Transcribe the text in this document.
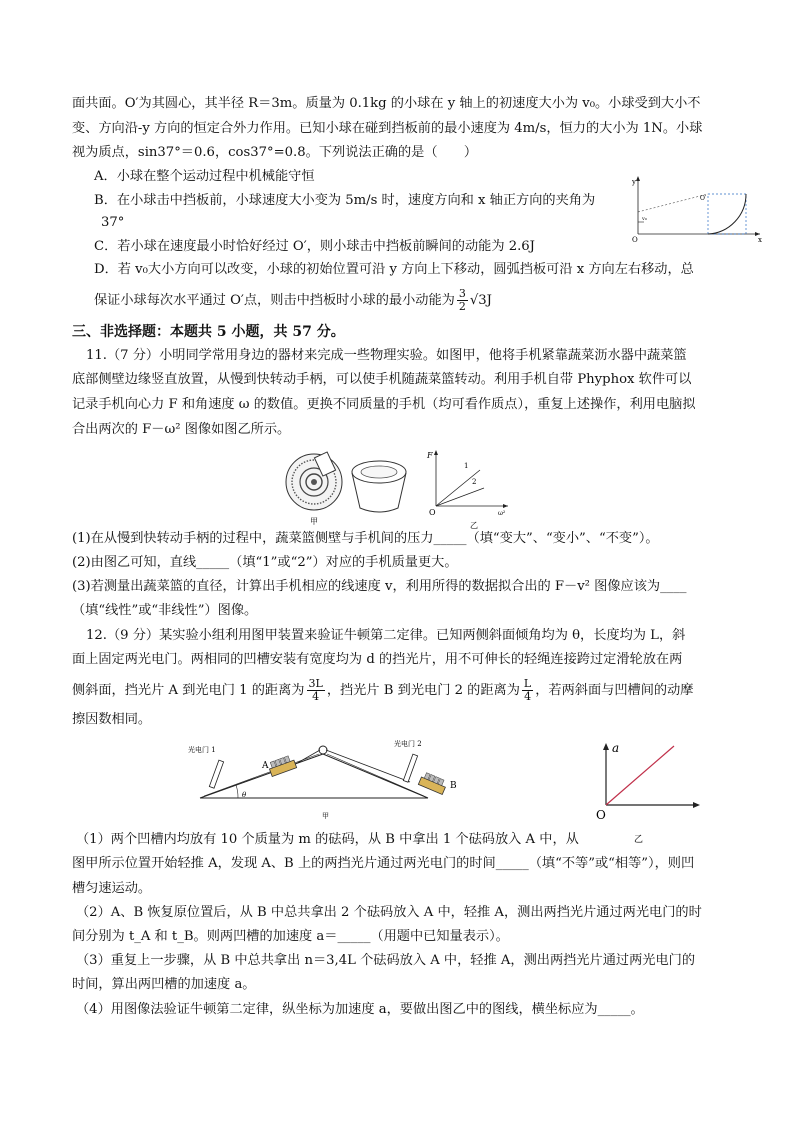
面共面。O′为其圆心，其半径 R＝3m。质量为 0.1kg 的小球在 y 轴上的初速度大小为 v₀。小球受到大小不
变、方向沿-y 方向的恒定合外力作用。已知小球在碰到挡板前的最小速度为 4m/s，恒力的大小为 1N。小球
视为质点，sin37°＝0.6，cos37°=0.8。下列说法正确的是（　　）
A．小球在整个运动过程中机械能守恒
B．在小球击中挡板前，小球速度大小变为 5m/s 时，速度方向和 x 轴正方向的夹角为
37°
C．若小球在速度最小时恰好经过 O′，则小球击中挡板前瞬间的动能为 2.6J
D．若 v₀大小方向可以改变，小球的初始位置可沿 y 方向上下移动，圆弧挡板可沿 x 方向左右移动，总
保证小球每次水平通过 O′点，则击中挡板时小球的最小动能为 $\frac{3}{2} √3J$
y
x
O
O′
v₀
三、非选择题：本题共 5 小题，共 57 分。
11.（7 分）小明同学常用身边的器材来完成一些物理实验。如图甲，他将手机紧靠蔬菜沥水器中蔬菜篮
底部侧壁边缘竖直放置，从慢到快转动手柄，可以使手机随蔬菜篮转动。利用手机自带 Phyphox 软件可以
记录手机向心力 F 和角速度 ω 的数值。更换不同质量的手机（均可看作质点），重复上述操作，利用电脑拟
合出两次的 F－ω² 图像如图乙所示。
甲
F
O	ω²
1
2
乙
(1)在从慢到快转动手柄的过程中，蔬菜篮侧壁与手机间的压力_____（填“变大”、“变小”、“不变”）。
(2)由图乙可知，直线_____（填“1”或“2”）对应的手机质量更大。
(3)若测量出蔬菜篮的直径，计算出手机相应的线速度 v，利用所得的数据拟合出的 F－v² 图像应该为____
（填“线性”或“非线性”）图像。
12.（9 分）某实验小组利用图甲装置来验证牛顿第二定律。已知两侧斜面倾角均为 θ，长度均为 L，斜
面上固定两光电门。两相同的凹槽安装有宽度均为 d 的挡光片，用不可伸长的轻绳连接跨过定滑轮放在两
侧斜面，挡光片 A 到光电门 1 的距离为 $\frac{3L}{4}$ ，挡光片 B 到光电门 2 的距离为 $\frac{L}{4}$ ，若两斜面与凹槽间的动摩
擦因数相同。
光电门 1
光电门 2
A
B
θ
甲
a
O
乙
（1）两个凹槽内均放有 10 个质量为 m 的砝码，从 B 中拿出 1 个砝码放入 A 中，从
图甲所示位置开始轻推 A，发现 A、B 上的两挡光片通过两光电门的时间_____（填“不等”或“相等”），则凹
槽匀速运动。
（2）A、B 恢复原位置后，从 B 中总共拿出 2 个砝码放入 A 中，轻推 A，测出两挡光片通过两光电门的时
间分别为 t_A 和 t_B。则两凹槽的加速度 a＝_____（用题中已知量表示）。
（3）重复上一步骤，从 B 中总共拿出 n＝3,4L 个砝码放入 A 中，轻推 A，测出两挡光片通过两光电门的
时间，算出两凹槽的加速度 a。
（4）用图像法验证牛顿第二定律，纵坐标为加速度 a，要做出图乙中的图线，横坐标应为_____。
